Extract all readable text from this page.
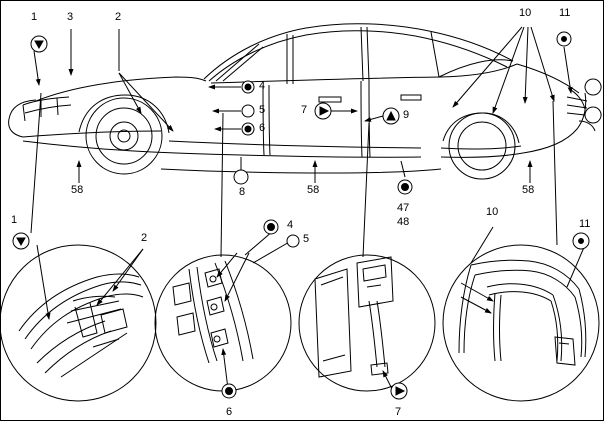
1	3	2	10	11
4
5
6
7	9
8
58	58	58
47
48
1
2
4
5
6	7
10
11
